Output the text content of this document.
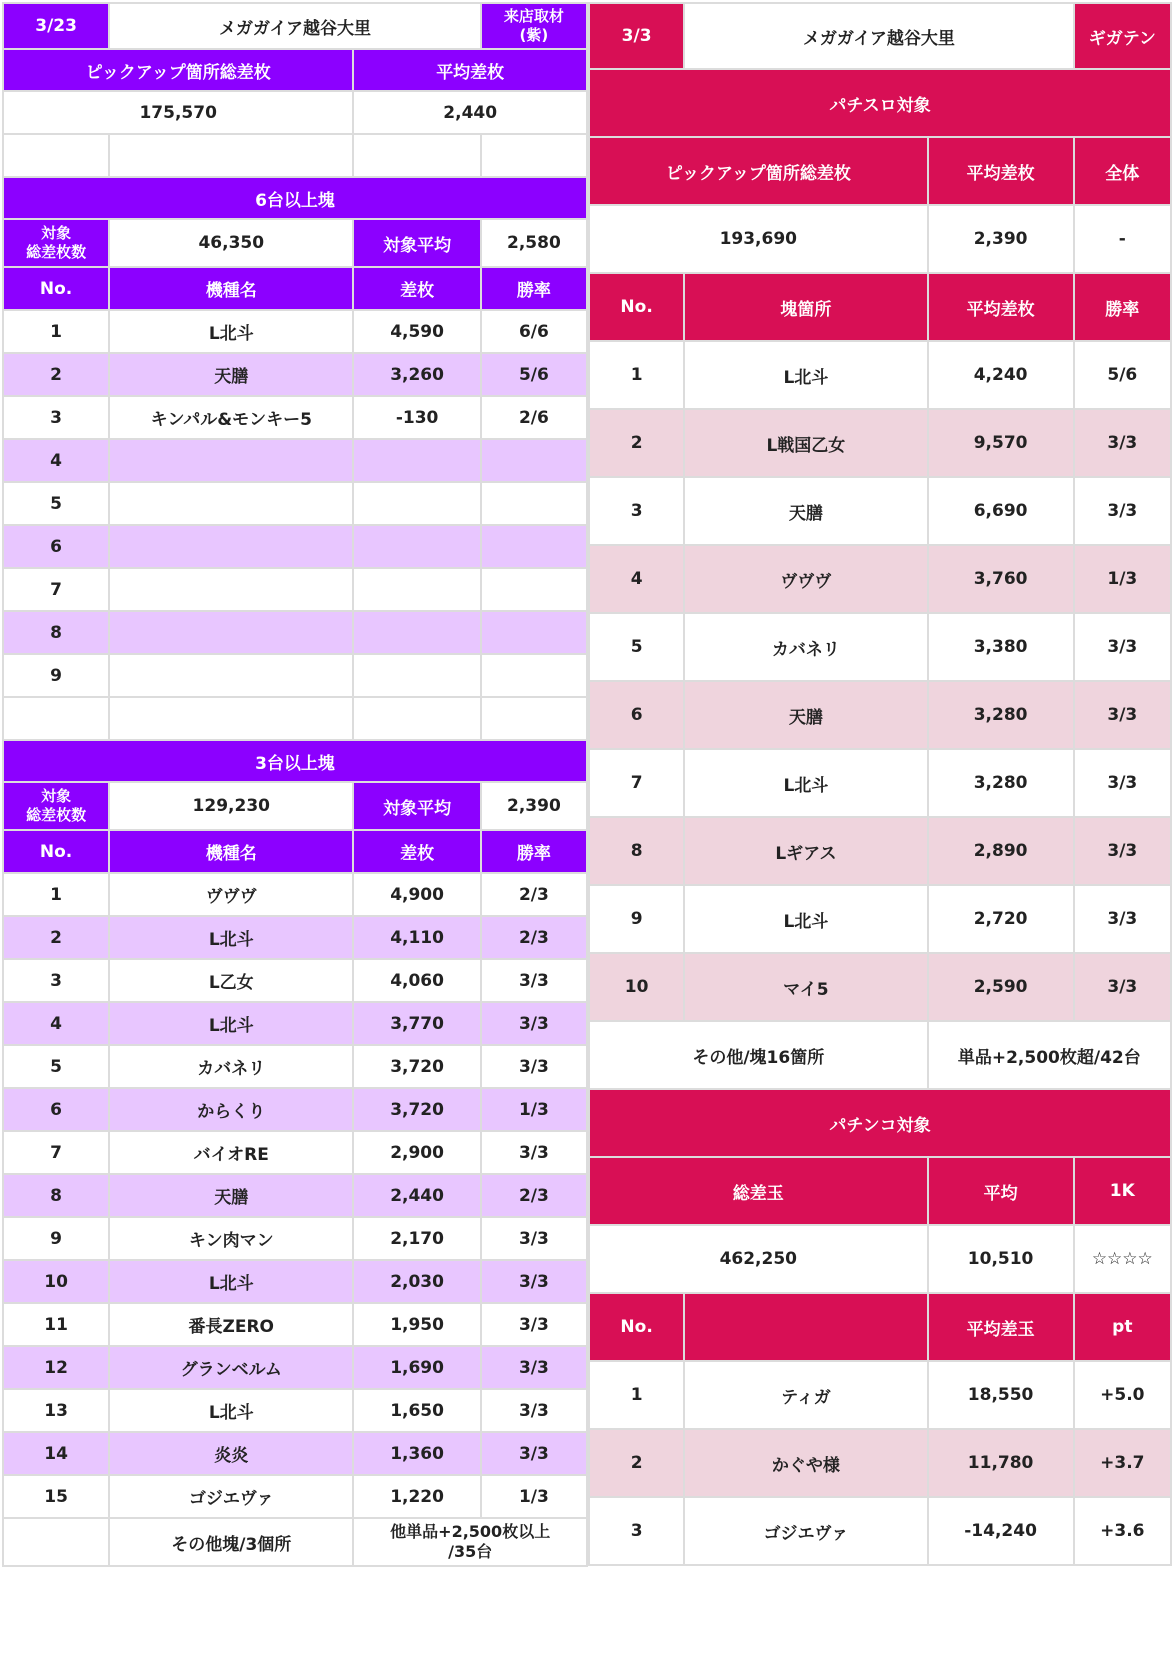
3/23	メガガイア越谷大里		来店取材
(紫)
ピックアップ箇所総差枚		平均差枚	
175,570		2,440	

6台以上塊			
対象
総差枚数	46,350	対象平均	2,580
No.	機種名	差枚	勝率
1	L北斗	4,590	6/6
2	天膳	3,260	5/6
3	キンパル&モンキー5	-130	2/6
4			
5			
6			
7			
8			
9			

3台以上塊			
対象
総差枚数	129,230	対象平均	2,390
No.	機種名	差枚	勝率
1	ヴヴヴ	4,900	2/3
2	L北斗	4,110	2/3
3	L乙女	4,060	3/3
4	L北斗	3,770	3/3
5	カバネリ	3,720	3/3
6	からくり	3,720	1/3
7	バイオRE	2,900	3/3
8	天膳	2,440	2/3
9	キン肉マン	2,170	3/3
10	L北斗	2,030	3/3
11	番長ZERO	1,950	3/3
12	グランベルム	1,690	3/3
13	L北斗	1,650	3/3
14	炎炎	1,360	3/3
15	ゴジエヴァ	1,220	1/3
	その他塊/3個所	他単品+2,500枚以上
/35台	
3/3	メガガイア越谷大里		ギガテン
パチスロ対象			
ピックアップ箇所総差枚		平均差枚	全体
193,690		2,390	-
No.	塊箇所	平均差枚	勝率
1	L北斗	4,240	5/6
2	L戦国乙女	9,570	3/3
3	天膳	6,690	3/3
4	ヴヴヴ	3,760	1/3
5	カバネリ	3,380	3/3
6	天膳	3,280	3/3
7	L北斗	3,280	3/3
8	Lギアス	2,890	3/3
9	L北斗	2,720	3/3
10	マイ5	2,590	3/3
その他/塊16箇所		単品+2,500枚超/42台	
パチンコ対象			
総差玉		平均	1K
462,250		10,510	☆☆☆☆
No.		平均差玉	pt
1	ティガ	18,550	+5.0
2	かぐや様	11,780	+3.7
3	ゴジエヴァ	-14,240	+3.6
